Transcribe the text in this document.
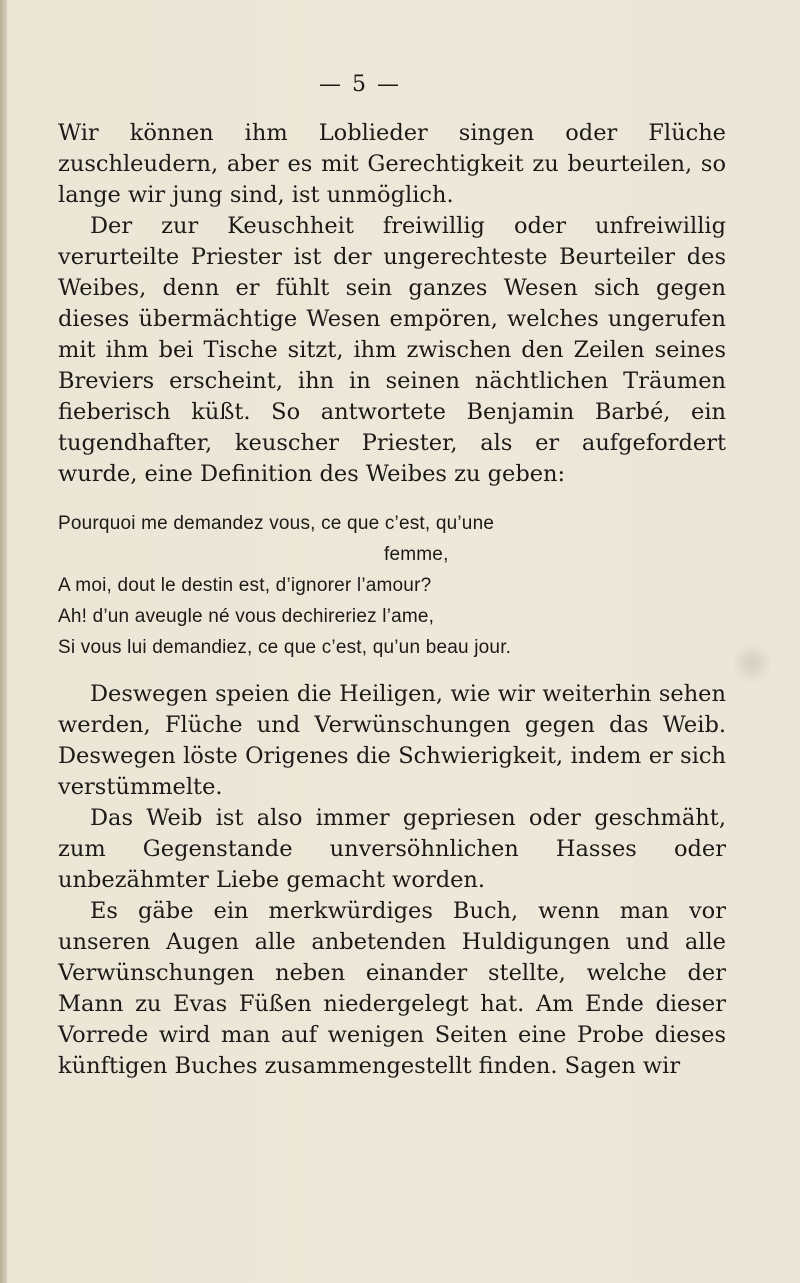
— 5 —

Wir können ihm Loblieder singen oder Flüche zuschleudern, aber es mit Gerechtigkeit zu beurteilen, so lange wir jung sind, ist unmöglich.

Der zur Keuschheit freiwillig oder unfreiwillig verurteilte Priester ist der ungerechteste Beurteiler des Weibes, denn er fühlt sein ganzes Wesen sich gegen dieses übermächtige Wesen empören, welches ungerufen mit ihm bei Tische sitzt, ihm zwischen den Zeilen seines Breviers erscheint, ihn in seinen nächtlichen Träumen fieberisch küßt. So antwortete Benjamin Barbé, ein tugendhafter, keuscher Priester, als er aufgefordert wurde, eine Definition des Weibes zu geben:

Pourquoi me demandez vous, ce que c’est, qu’une
femme,
A moi, dout le destin est, d’ignorer l’amour?
Ah! d’un aveugle né vous dechireriez l’ame,
Si vous lui demandiez, ce que c’est, qu’un beau jour.

Deswegen speien die Heiligen, wie wir weiterhin sehen werden, Flüche und Verwünschungen gegen das Weib. Deswegen löste Origenes die Schwierigkeit, indem er sich verstümmelte.

Das Weib ist also immer gepriesen oder geschmäht, zum Gegenstande unversöhnlichen Hasses oder unbezähmter Liebe gemacht worden.

Es gäbe ein merkwürdiges Buch, wenn man vor unseren Augen alle anbetenden Huldigungen und alle Verwünschungen neben einander stellte, welche der Mann zu Evas Füßen niedergelegt hat. Am Ende dieser Vorrede wird man auf wenigen Seiten eine Probe dieses künftigen Buches zusammengestellt finden. Sagen wir
